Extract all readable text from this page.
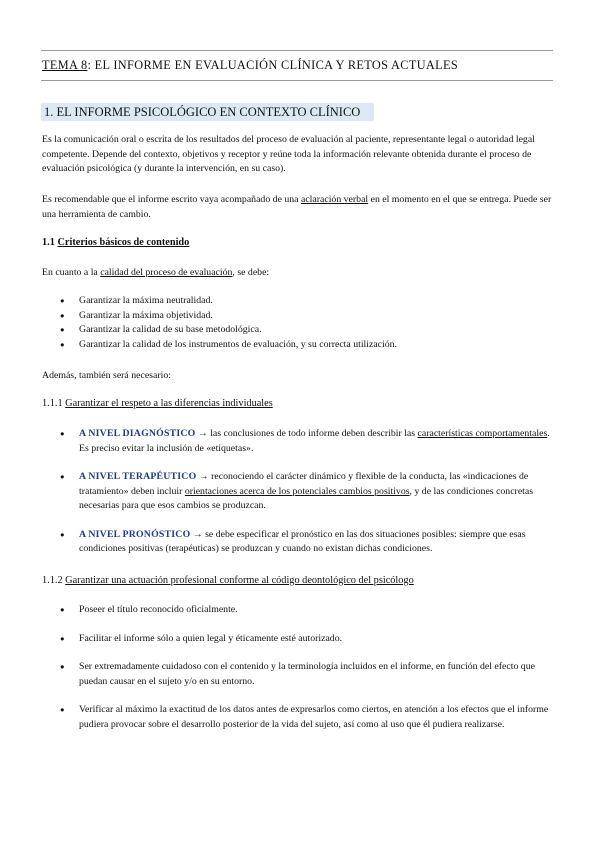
TEMA 8: EL INFORME EN EVALUACIÓN CLÍNICA Y RETOS ACTUALES
1. EL INFORME PSICOLÓGICO EN CONTEXTO CLÍNICO
Es la comunicación oral o escrita de los resultados del proceso de evaluación al paciente, representante legal o autoridad legal competente. Depende del contexto, objetivos y receptor y reúne toda la información relevante obtenida durante el proceso de evaluación psicológica (y durante la intervención, en su caso).
Es recomendable que el informe escrito vaya acompañado de una aclaración verbal en el momento en el que se entrega. Puede ser una herramienta de cambio.
1.1 Criterios básicos de contenido
En cuanto a la calidad del proceso de evaluación, se debe:
● Garantizar la máxima neutralidad.
● Garantizar la máxima objetividad.
● Garantizar la calidad de su base metodológica.
● Garantizar la calidad de los instrumentos de evaluación, y su correcta utilización.
Además, también será necesario:
1.1.1 Garantizar el respeto a las diferencias individuales
● A NIVEL DIAGNÓSTICO → las conclusiones de todo informe deben describir las características comportamentales. Es preciso evitar la inclusión de «etiquetas».
● A NIVEL TERAPÉUTICO → reconociendo el carácter dinámico y flexible de la conducta, las «indicaciones de tratamiento» deben incluir orientaciones acerca de los potenciales cambios positivos, y de las condiciones concretas necesarias para que esos cambios se produzcan.
● A NIVEL PRONÓSTICO → se debe especificar el pronóstico en las dos situaciones posibles: siempre que esas condiciones positivas (terapéuticas) se produzcan y cuando no existan dichas condiciones.
1.1.2 Garantizar una actuación profesional conforme al código deontológico del psicólogo
● Poseer el título reconocido oficialmente.
● Facilitar el informe sólo a quien legal y éticamente esté autorizado.
● Ser extremadamente cuidadoso con el contenido y la terminología incluidos en el informe, en función del efecto que puedan causar en el sujeto y/o en su entorno.
● Verificar al máximo la exactitud de los datos antes de expresarlos como ciertos, en atención a los efectos que el informe pudiera provocar sobre el desarrollo posterior de la vida del sujeto, así como al uso que él pudiera realizarse.
